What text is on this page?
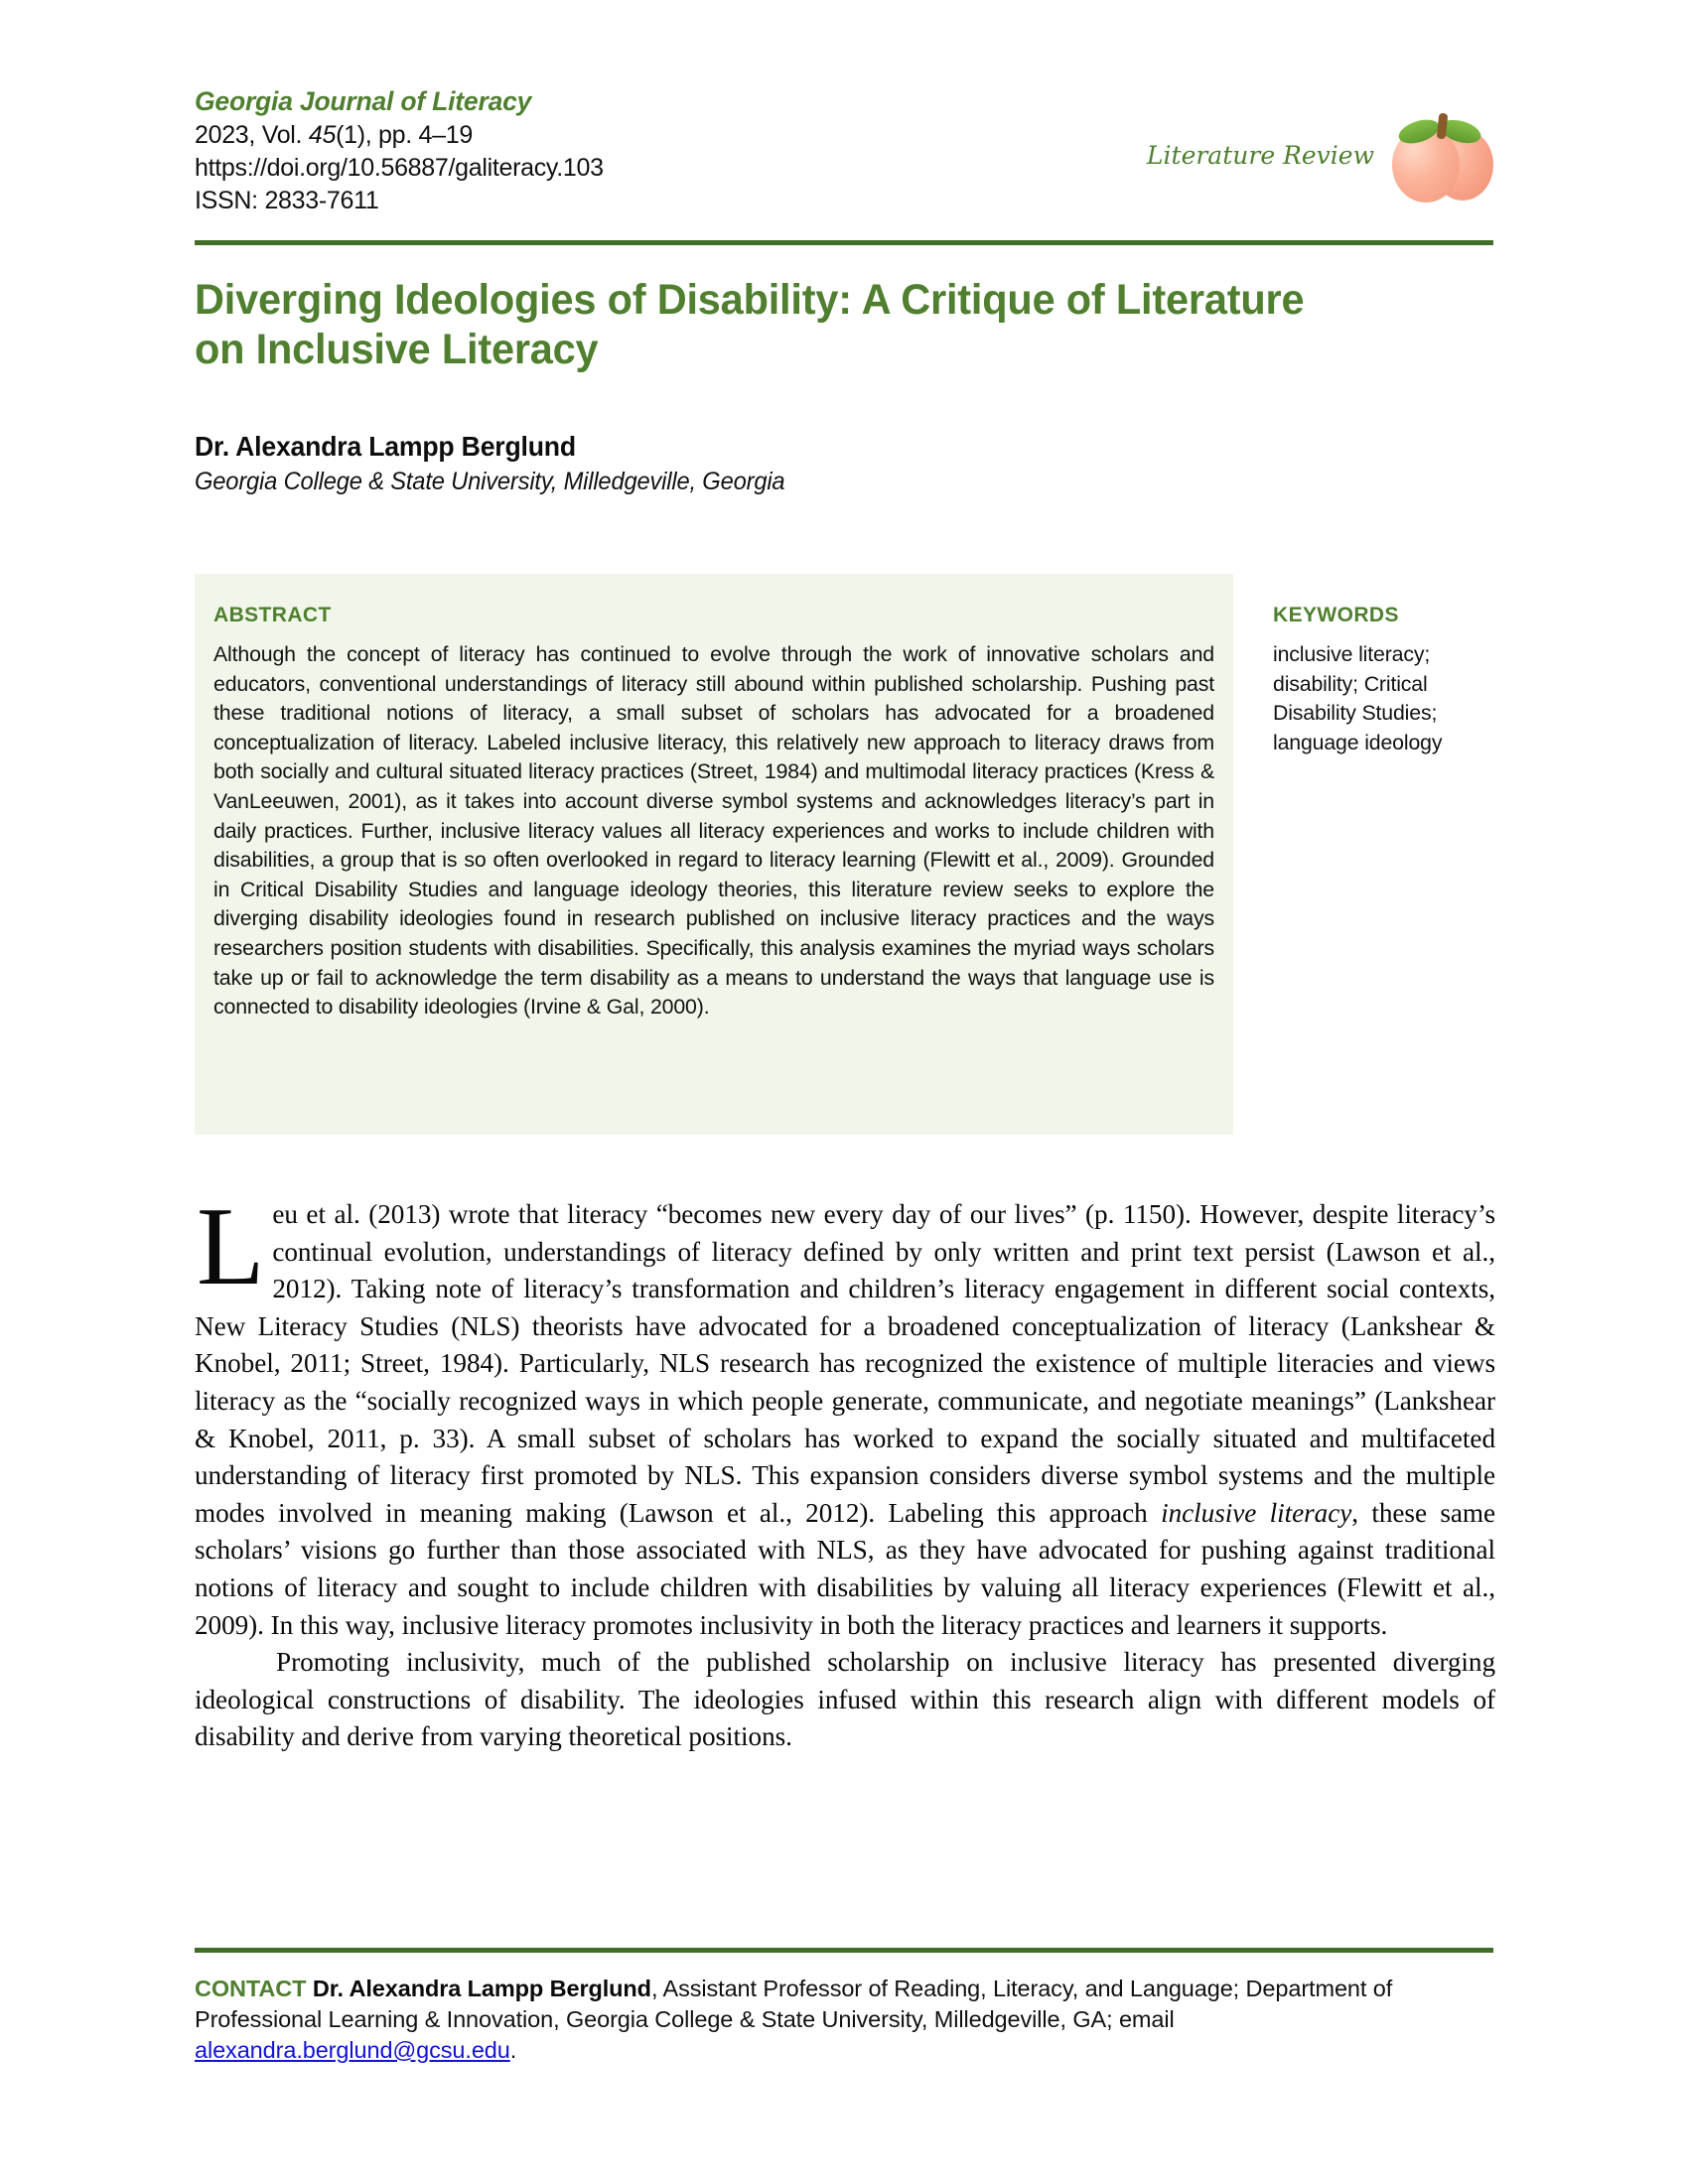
Georgia Journal of Literacy
2023, Vol. 45(1), pp. 4–19
https://doi.org/10.56887/galiteracy.103
ISSN: 2833-7611
Literature Review
Diverging Ideologies of Disability: A Critique of Literature on Inclusive Literacy
Dr. Alexandra Lampp Berglund
Georgia College & State University, Milledgeville, Georgia
ABSTRACT
Although the concept of literacy has continued to evolve through the work of innovative scholars and educators, conventional understandings of literacy still abound within published scholarship. Pushing past these traditional notions of literacy, a small subset of scholars has advocated for a broadened conceptualization of literacy. Labeled inclusive literacy, this relatively new approach to literacy draws from both socially and cultural situated literacy practices (Street, 1984) and multimodal literacy practices (Kress & VanLeeuwen, 2001), as it takes into account diverse symbol systems and acknowledges literacy’s part in daily practices. Further, inclusive literacy values all literacy experiences and works to include children with disabilities, a group that is so often overlooked in regard to literacy learning (Flewitt et al., 2009). Grounded in Critical Disability Studies and language ideology theories, this literature review seeks to explore the diverging disability ideologies found in research published on inclusive literacy practices and the ways researchers position students with disabilities. Specifically, this analysis examines the myriad ways scholars take up or fail to acknowledge the term disability as a means to understand the ways that language use is connected to disability ideologies (Irvine & Gal, 2000).
KEYWORDS
inclusive literacy; disability; Critical Disability Studies; language ideology

Leu et al. (2013) wrote that literacy “becomes new every day of our lives” (p. 1150). However, despite literacy’s continual evolution, understandings of literacy defined by only written and print text persist (Lawson et al., 2012). Taking note of literacy’s transformation and children’s literacy engagement in different social contexts, New Literacy Studies (NLS) theorists have advocated for a broadened conceptualization of literacy (Lankshear & Knobel, 2011; Street, 1984). Particularly, NLS research has recognized the existence of multiple literacies and views literacy as the “socially recognized ways in which people generate, communicate, and negotiate meanings” (Lankshear & Knobel, 2011, p. 33). A small subset of scholars has worked to expand the socially situated and multifaceted understanding of literacy first promoted by NLS. This expansion considers diverse symbol systems and the multiple modes involved in meaning making (Lawson et al., 2012). Labeling this approach inclusive literacy, these same scholars’ visions go further than those associated with NLS, as they have advocated for pushing against traditional notions of literacy and sought to include children with disabilities by valuing all literacy experiences (Flewitt et al., 2009). In this way, inclusive literacy promotes inclusivity in both the literacy practices and learners it supports.

Promoting inclusivity, much of the published scholarship on inclusive literacy has presented diverging ideological constructions of disability. The ideologies infused within this research align with different models of disability and derive from varying theoretical positions.

CONTACT Dr. Alexandra Lampp Berglund, Assistant Professor of Reading, Literacy, and Language; Department of Professional Learning & Innovation, Georgia College & State University, Milledgeville, GA; email alexandra.berglund@gcsu.edu.
